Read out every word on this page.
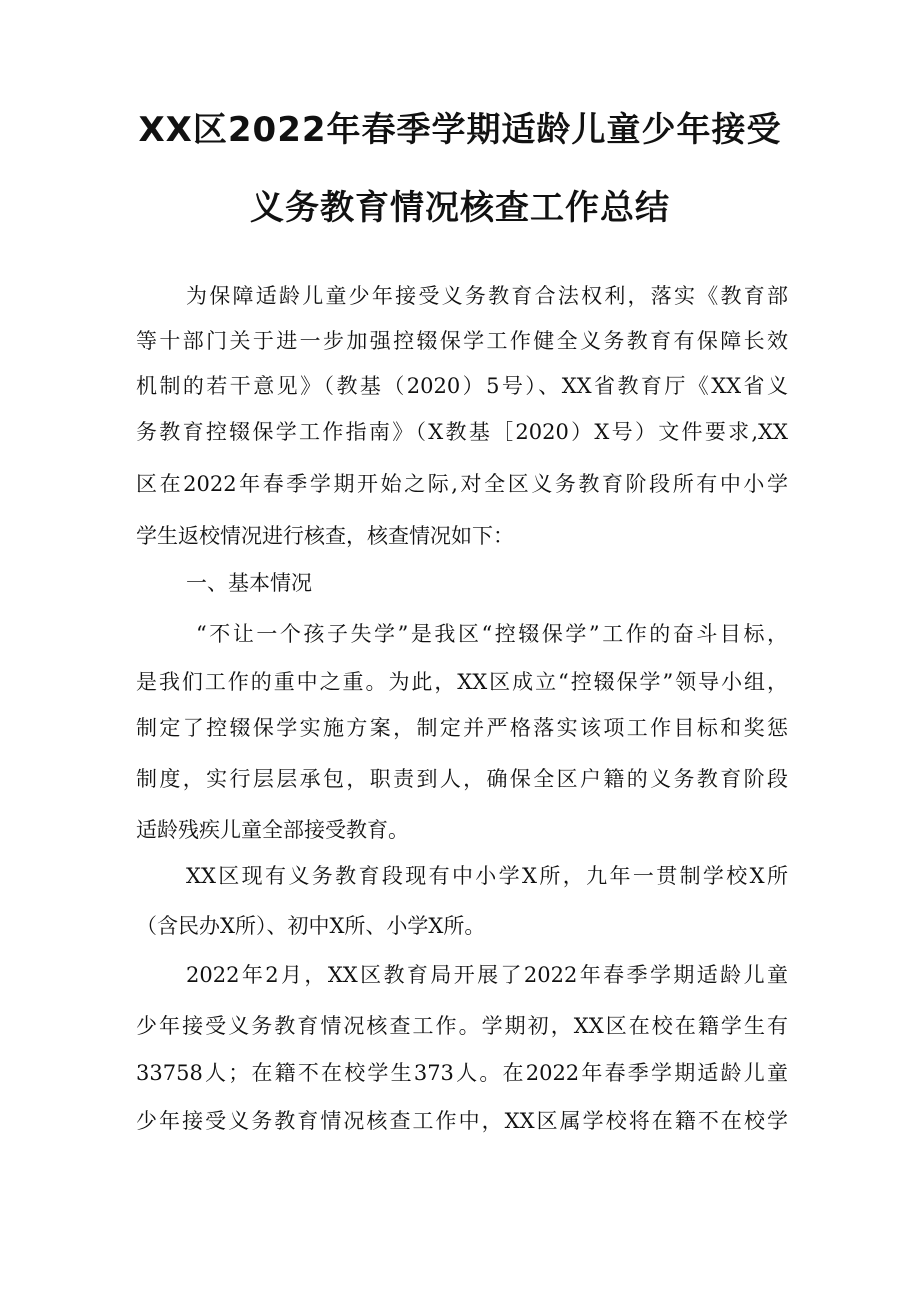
XX区2022年春季学期适龄儿童少年接受
义务教育情况核查工作总结
为保障适龄儿童少年接受义务教育合法权利，落实《教育部
等十部门关于进一步加强控辍保学工作健全义务教育有保障长效
机制的若干意见》（教基（2020）5号）、XX省教育厅《XX省义
务教育控辍保学工作指南》（X教基［2020）X号）文件要求,XX
区在2022年春季学期开始之际,对全区义务教育阶段所有中小学
学生返校情况进行核查，核查情况如下：
一、基本情况
“不让一个孩子失学”是我区“控辍保学”工作的奋斗目标，
是我们工作的重中之重。为此，XX区成立“控辍保学”领导小组，
制定了控辍保学实施方案，制定并严格落实该项工作目标和奖惩
制度，实行层层承包，职责到人，确保全区户籍的义务教育阶段
适龄残疾儿童全部接受教育。
XX区现有义务教育段现有中小学X所，九年一贯制学校X所
（含民办X所）、初中X所、小学X所。
2022年2月，XX区教育局开展了2022年春季学期适龄儿童
少年接受义务教育情况核查工作。学期初，XX区在校在籍学生有
33758人；在籍不在校学生373人。在2022年春季学期适龄儿童
少年接受义务教育情况核查工作中，XX区属学校将在籍不在校学
